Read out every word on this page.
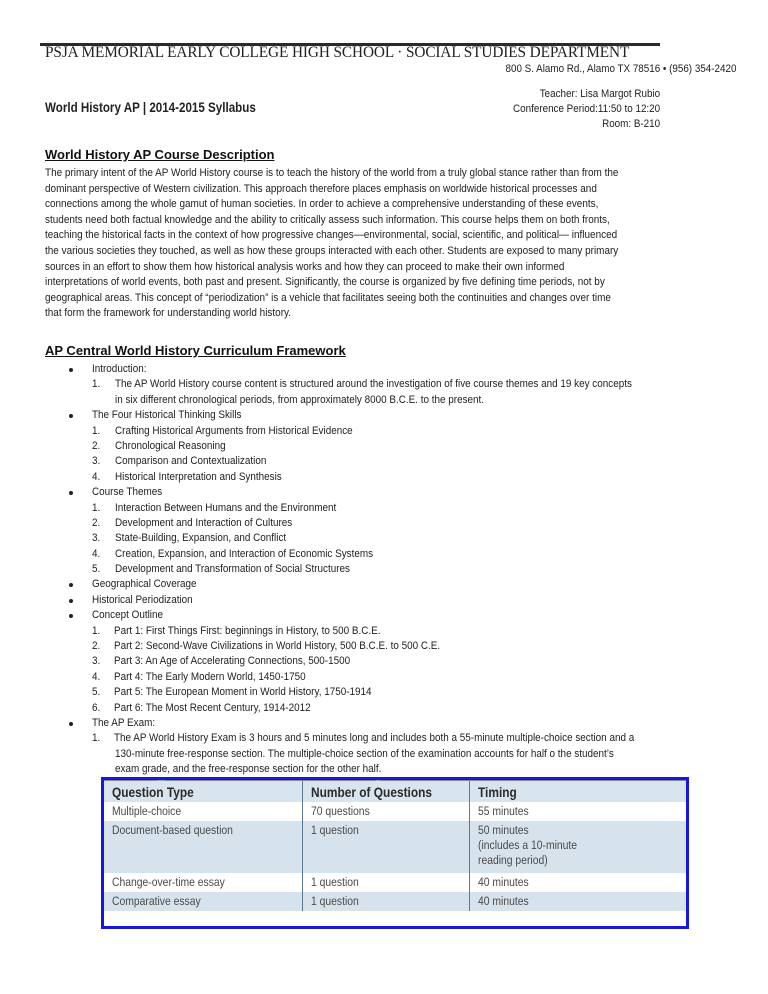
PSJA MEMORIAL EARLY COLLEGE HIGH SCHOOL · SOCIAL STUDIES DEPARTMENT
800 S. Alamo Rd., Alamo TX 78516 • (956) 354-2420
World History AP | 2014-2015 Syllabus
Teacher: Lisa Margot Rubio
Conference Period:11:50 to 12:20
Room: B-210
World History AP Course Description
The primary intent of the AP World History course is to teach the history of the world from a truly global stance rather than from the
dominant perspective of Western civilization. This approach therefore places emphasis on worldwide historical processes and
connections among the whole gamut of human societies. In order to achieve a comprehensive understanding of these events,
students need both factual knowledge and the ability to critically assess such information. This course helps them on both fronts,
teaching the historical facts in the context of how progressive changes—environmental, social, scientific, and political— influenced
the various societies they touched, as well as how these groups interacted with each other. Students are exposed to many primary
sources in an effort to show them how historical analysis works and how they can proceed to make their own informed
interpretations of world events, both past and present. Significantly, the course is organized by five defining time periods, not by
geographical areas. This concept of “periodization” is a vehicle that facilitates seeing both the continuities and changes over time
that form the framework for understanding world history.
AP Central World History Curriculum Framework
Introduction:
1. The AP World History course content is structured around the investigation of five course themes and 19 key concepts
in six different chronological periods, from approximately 8000 B.C.E. to the present.
The Four Historical Thinking Skills
1. Crafting Historical Arguments from Historical Evidence
2. Chronological Reasoning
3. Comparison and Contextualization
4. Historical Interpretation and Synthesis
Course Themes
1. Interaction Between Humans and the Environment
2. Development and Interaction of Cultures
3. State-Building, Expansion, and Conflict
4. Creation, Expansion, and Interaction of Economic Systems
5. Development and Transformation of Social Structures
Geographical Coverage
Historical Periodization
Concept Outline
1. Part 1: First Things First: beginnings in History, to 500 B.C.E.
2. Part 2: Second-Wave Civilizations in World History, 500 B.C.E. to 500 C.E.
3. Part 3: An Age of Accelerating Connections, 500-1500
4. Part 4: The Early Modern World, 1450-1750
5. Part 5: The European Moment in World History, 1750-1914
6. Part 6: The Most Recent Century, 1914-2012
The AP Exam:
1. The AP World History Exam is 3 hours and 5 minutes long and includes both a 55-minute multiple-choice section and a
130-minute free-response section. The multiple-choice section of the examination accounts for half o the student’s
exam grade, and the free-response section for the other half.
Question Type	Number of Questions	Timing
Multiple-choice	70 questions	55 minutes
Document-based question	1 question	50 minutes
(includes a 10-minute
reading period)
Change-over-time essay	1 question	40 minutes
Comparative essay	1 question	40 minutes
